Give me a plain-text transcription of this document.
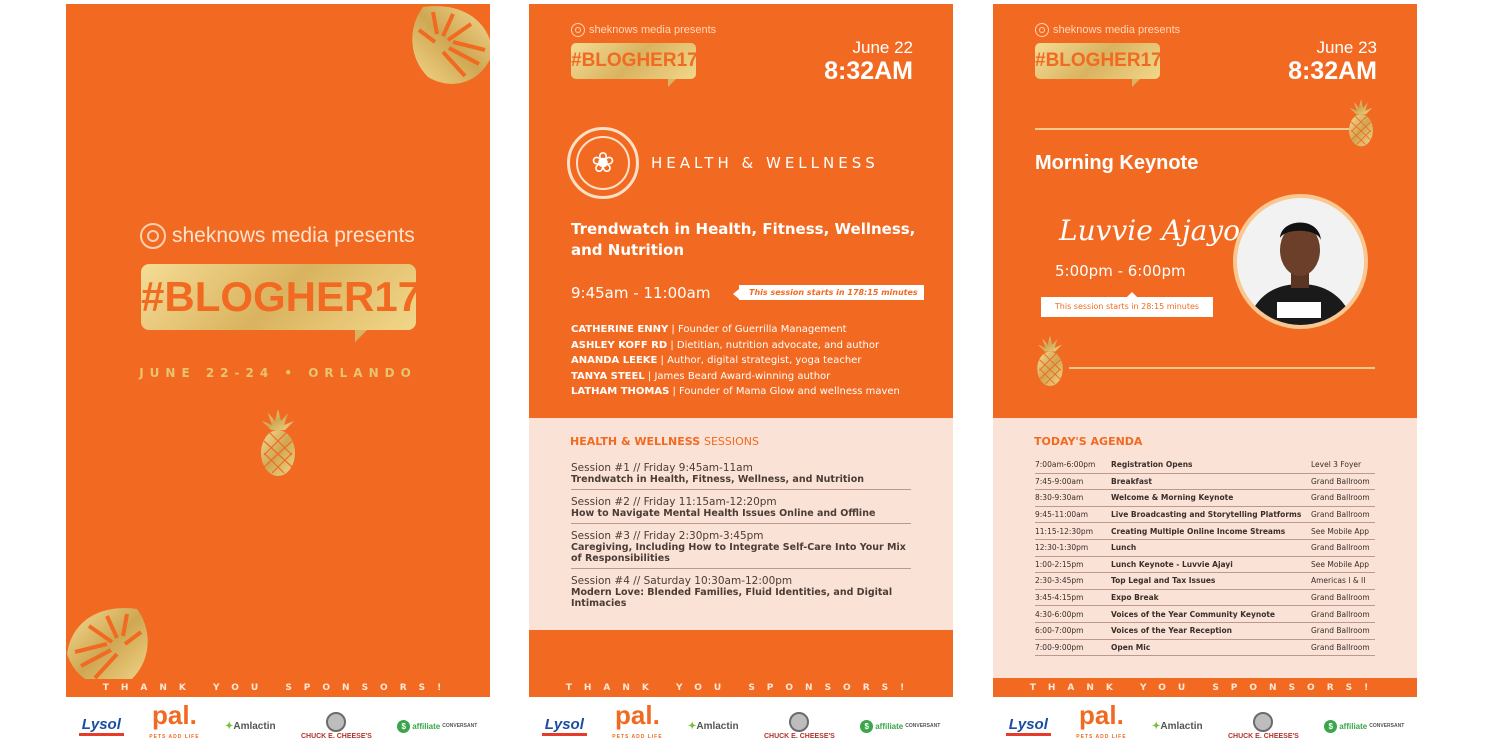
sheknows media presents
#BLOGHER17
JUNE 22-24 • ORLANDO
THANK YOU SPONSORS!
Lysol pal.
PETS ADD LIFE
✦Amlactin
CHUCK E. CHEESE'S
$ affiliate CONVERSANT
sheknows media presents
#BLOGHER17
June 22
8:32AM
❀	HEALTH & WELLNESS
Trendwatch in Health, Fitness, Wellness, and Nutrition
9:45am - 11:00am	This session starts in 178:15 minutes
CATHERINE ENNY | Founder of Guerrilla Management
ASHLEY KOFF RD | Dietitian, nutrition advocate, and author
ANANDA LEEKE | Author, digital strategist, yoga teacher
TANYA STEEL | James Beard Award-winning author
LATHAM THOMAS | Founder of Mama Glow and wellness maven
HEALTH & WELLNESS SESSIONS
Session #1 // Friday 9:45am-11am
Trendwatch in Health, Fitness, Wellness, and Nutrition
Session #2 // Friday 11:15am-12:20pm
How to Navigate Mental Health Issues Online and Offline
Session #3 // Friday 2:30pm-3:45pm
Caregiving, Including How to Integrate Self-Care Into Your Mix of Responsibilities
Session #4 // Saturday 10:30am-12:00pm
Modern Love: Blended Families, Fluid Identities, and Digital Intimacies
THANK YOU SPONSORS!
Lysol pal.
PETS ADD LIFE
✦Amlactin
CHUCK E. CHEESE'S
$ affiliate CONVERSANT
sheknows media presents
#BLOGHER17
June 23
8:32AM
Morning Keynote
Luvvie Ajayo
5:00pm - 6:00pm
This session starts in 28:15 minutes
TODAY'S AGENDA
7:00am-6:00pm	Registration Opens	Level 3 Foyer
7:45-9:00am	Breakfast	Grand Ballroom
8:30-9:30am	Welcome & Morning Keynote	Grand Ballroom
9:45-11:00am	Live Broadcasting and Storytelling Platforms	Grand Ballroom
11:15-12:30pm	Creating Multiple Online Income Streams	See Mobile App
12:30-1:30pm	Lunch	Grand Ballroom
1:00-2:15pm	Lunch Keynote - Luvvie Ajayi	See Mobile App
2:30-3:45pm	Top Legal and Tax Issues	Americas I & II
3:45-4:15pm	Expo Break	Grand Ballroom
4:30-6:00pm	Voices of the Year Community Keynote	Grand Ballroom
6:00-7:00pm	Voices of the Year Reception	Grand Ballroom
7:00-9:00pm	Open Mic	Grand Ballroom
THANK YOU SPONSORS!
Lysol pal.
PETS ADD LIFE
✦Amlactin
CHUCK E. CHEESE'S
$ affiliate CONVERSANT
